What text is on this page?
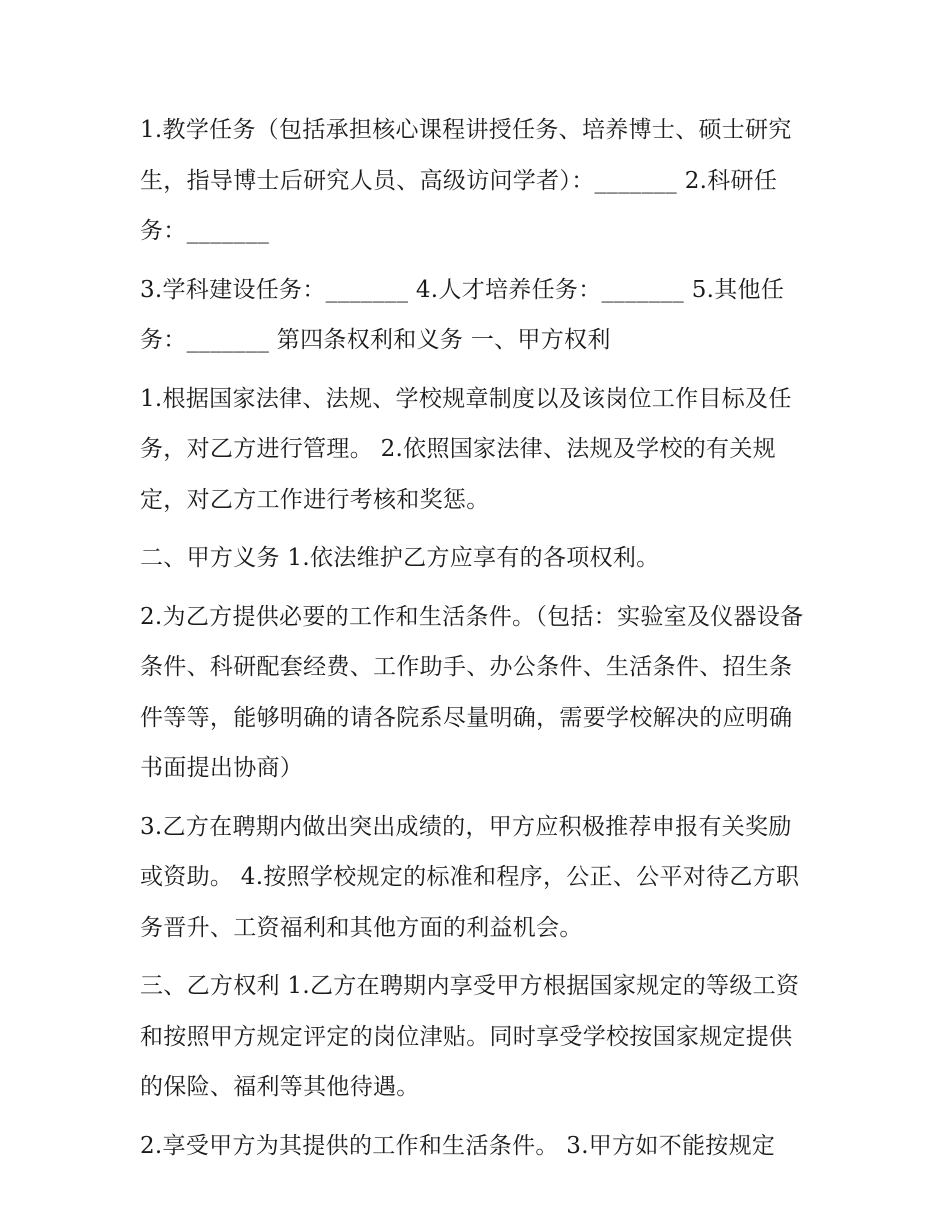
1.教学任务（包括承担核心课程讲授任务、培养博士、硕士研究生，指导博士后研究人员、高级访问学者）：_______ 2.科研任务：_______

3.学科建设任务：_______ 4.人才培养任务：_______ 5.其他任务：_______ 第四条权利和义务 一、甲方权利

1.根据国家法律、法规、学校规章制度以及该岗位工作目标及任务，对乙方进行管理。 2.依照国家法律、法规及学校的有关规定，对乙方工作进行考核和奖惩。

二、甲方义务 1.依法维护乙方应享有的各项权利。

2.为乙方提供必要的工作和生活条件。（包括：实验室及仪器设备条件、科研配套经费、工作助手、办公条件、生活条件、招生条件等等，能够明确的请各院系尽量明确，需要学校解决的应明确书面提出协商）

3.乙方在聘期内做出突出成绩的，甲方应积极推荐申报有关奖励或资助。 4.按照学校规定的标准和程序，公正、公平对待乙方职务晋升、工资福利和其他方面的利益机会。

三、乙方权利 1.乙方在聘期内享受甲方根据国家规定的等级工资和按照甲方规定评定的岗位津贴。同时享受学校按国家规定提供的保险、福利等其他待遇。

2.享受甲方为其提供的工作和生活条件。 3.甲方如不能按规定
